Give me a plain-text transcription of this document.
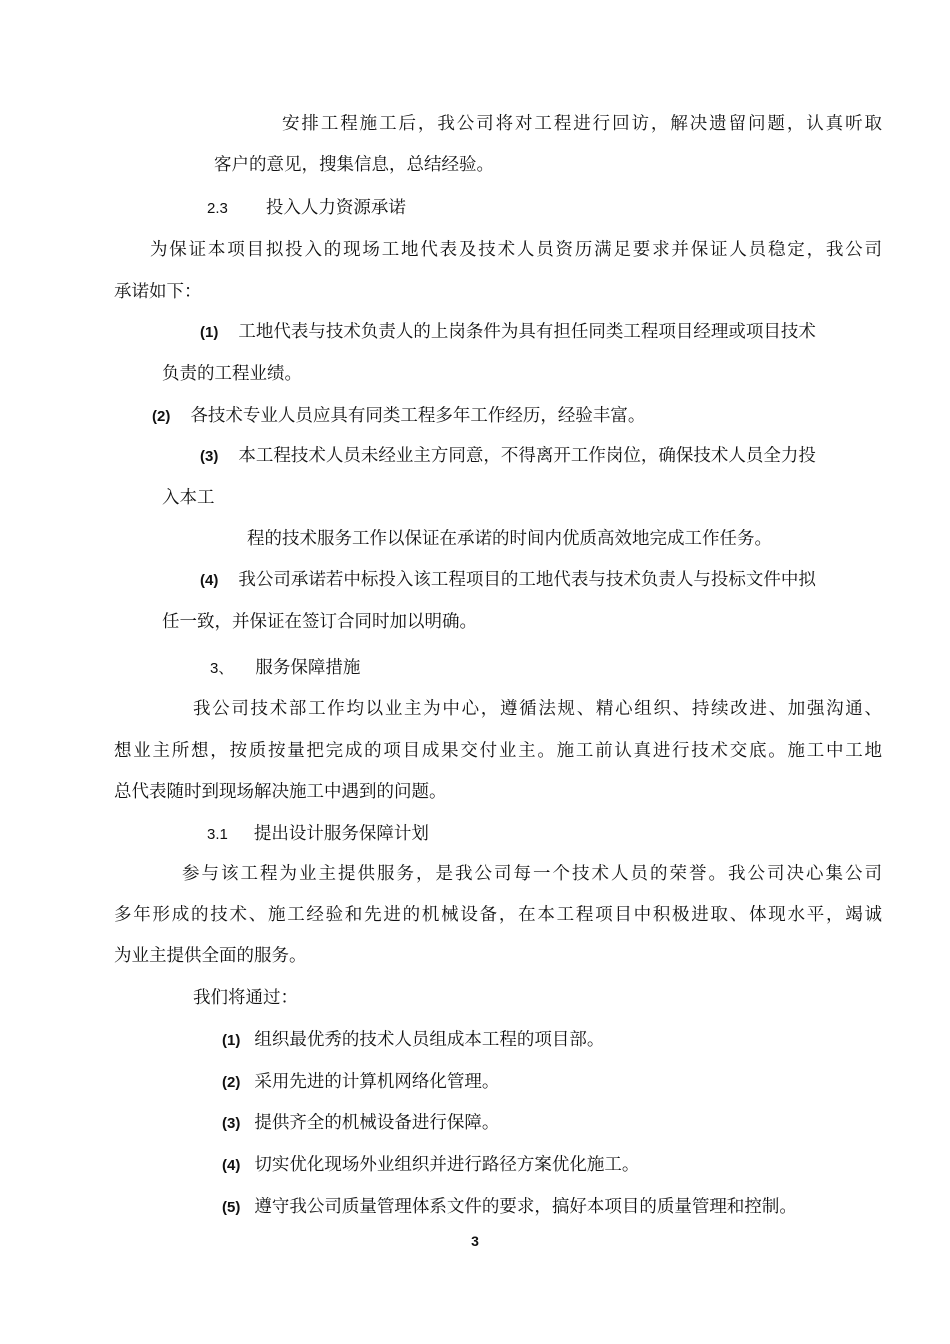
安排工程施工后，我公司将对工程进行回访，解决遗留问题，认真听取
客户的意见，搜集信息，总结经验。
2.3 投入人力资源承诺
为保证本项目拟投入的现场工地代表及技术人员资历满足要求并保证人员稳定，我公司
承诺如下：
(1) 工地代表与技术负责人的上岗条件为具有担任同类工程项目经理或项目技术
负责的工程业绩。
(2) 各技术专业人员应具有同类工程多年工作经历，经验丰富。
(3) 本工程技术人员未经业主方同意，不得离开工作岗位，确保技术人员全力投
入本工
程的技术服务工作以保证在承诺的时间内优质高效地完成工作任务。
(4) 我公司承诺若中标投入该工程项目的工地代表与技术负责人与投标文件中拟
任一致，并保证在签订合同时加以明确。
3、 服务保障措施
我公司技术部工作均以业主为中心，遵循法规、精心组织、持续改进、加强沟通、
想业主所想，按质按量把完成的项目成果交付业主。施工前认真进行技术交底。施工中工地
总代表随时到现场解决施工中遇到的问题。
3.1 提出设计服务保障计划
参与该工程为业主提供服务，是我公司每一个技术人员的荣誉。我公司决心集公司
多年形成的技术、施工经验和先进的机械设备，在本工程项目中积极进取、体现水平，竭诚
为业主提供全面的服务。
我们将通过：
(1) 组织最优秀的技术人员组成本工程的项目部。
(2) 采用先进的计算机网络化管理。
(3) 提供齐全的机械设备进行保障。
(4) 切实优化现场外业组织并进行路径方案优化施工。
(5) 遵守我公司质量管理体系文件的要求，搞好本项目的质量管理和控制。
3
